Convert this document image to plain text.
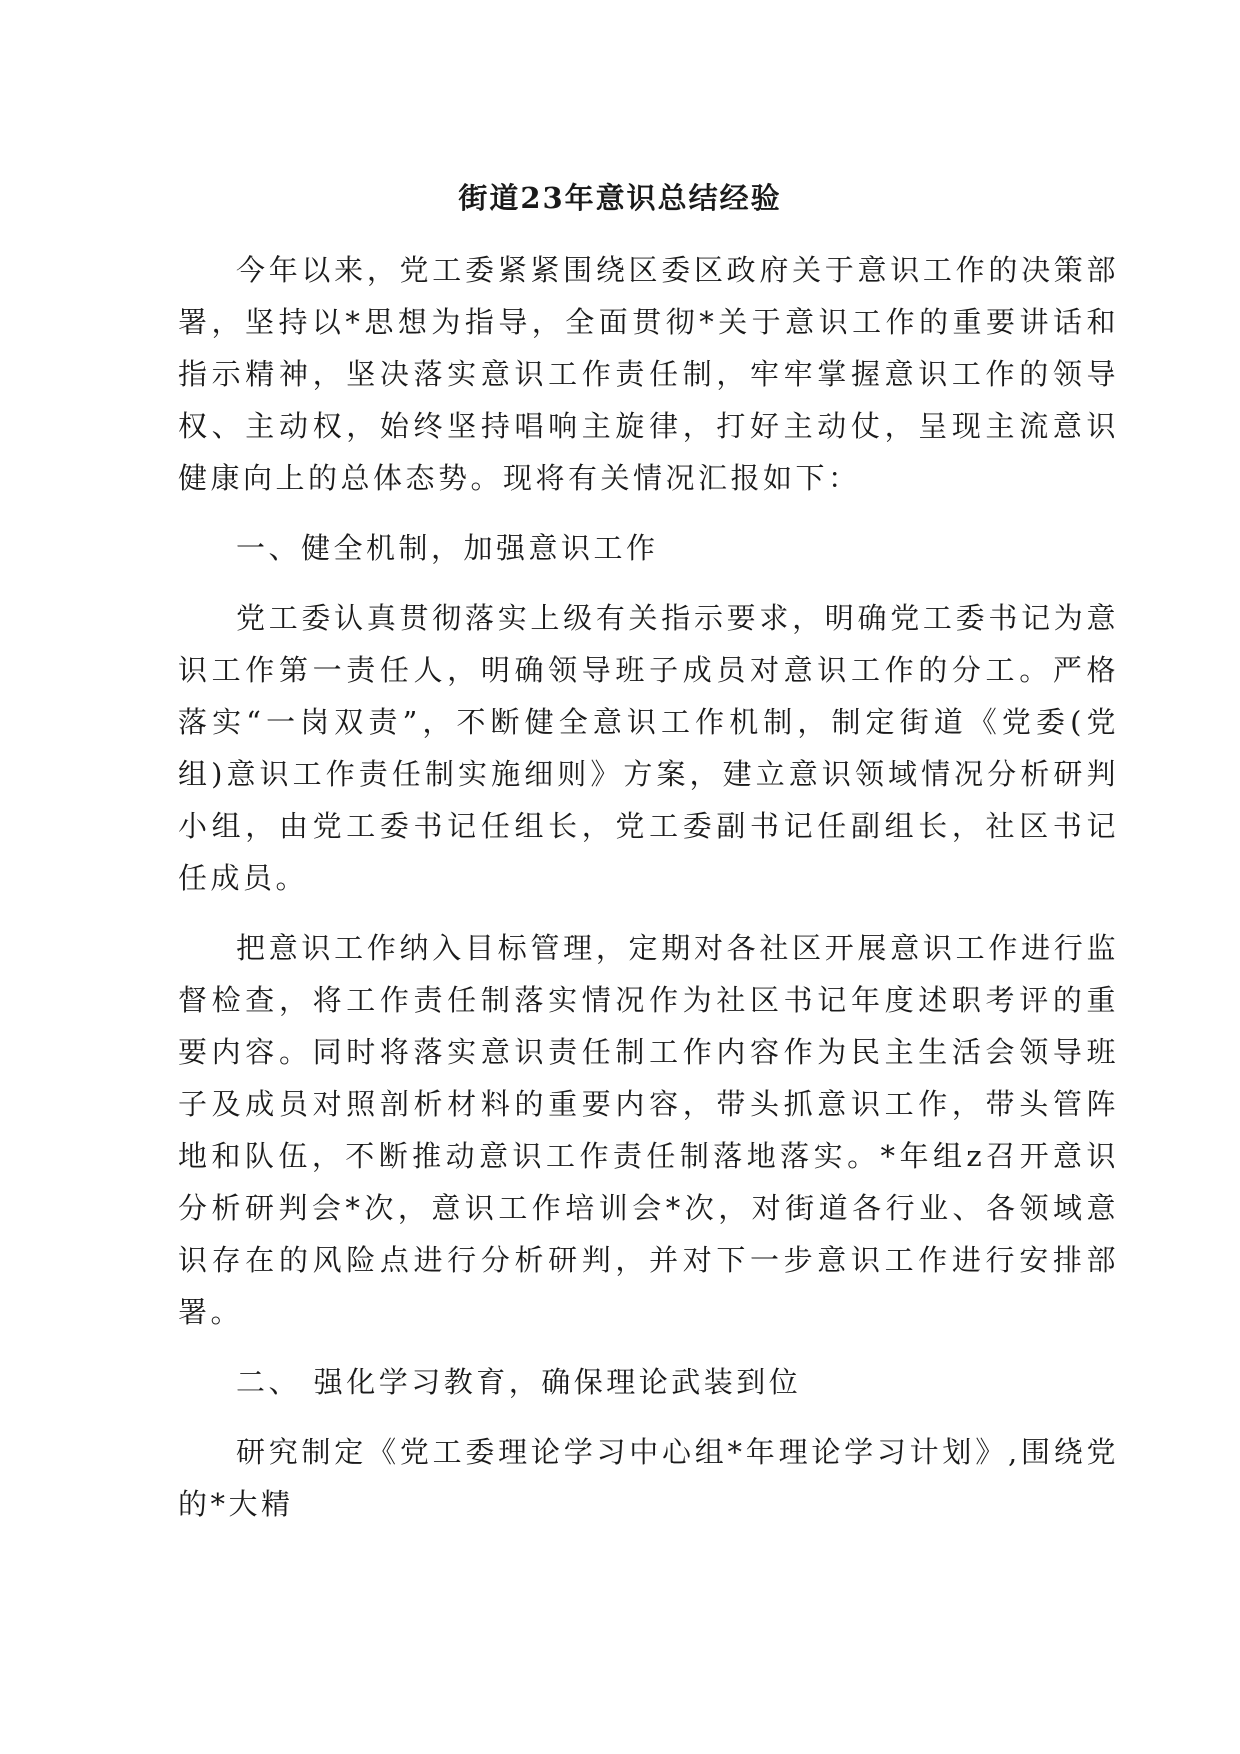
街道23年意识总结经验

今年以来，党工委紧紧围绕区委区政府关于意识工作的决策部署，坚持以*思想为指导，全面贯彻*关于意识工作的重要讲话和指示精神，坚决落实意识工作责任制，牢牢掌握意识工作的领导权、主动权，始终坚持唱响主旋律，打好主动仗，呈现主流意识健康向上的总体态势。现将有关情况汇报如下：

一、健全机制，加强意识工作

党工委认真贯彻落实上级有关指示要求，明确党工委书记为意识工作第一责任人，明确领导班子成员对意识工作的分工。严格落实“一岗双责”，不断健全意识工作机制，制定街道《党委(党组)意识工作责任制实施细则》方案，建立意识领域情况分析研判小组，由党工委书记任组长，党工委副书记任副组长，社区书记任成员。

把意识工作纳入目标管理，定期对各社区开展意识工作进行监督检查，将工作责任制落实情况作为社区书记年度述职考评的重要内容。同时将落实意识责任制工作内容作为民主生活会领导班子及成员对照剖析材料的重要内容，带头抓意识工作，带头管阵地和队伍，不断推动意识工作责任制落地落实。*年组z召开意识分析研判会*次，意识工作培训会*次，对街道各行业、各领域意识存在的风险点进行分析研判，并对下一步意识工作进行安排部署。

二、 强化学习教育，确保理论武装到位

研究制定《党工委理论学习中心组*年理论学习计划》,围绕党的*大精
